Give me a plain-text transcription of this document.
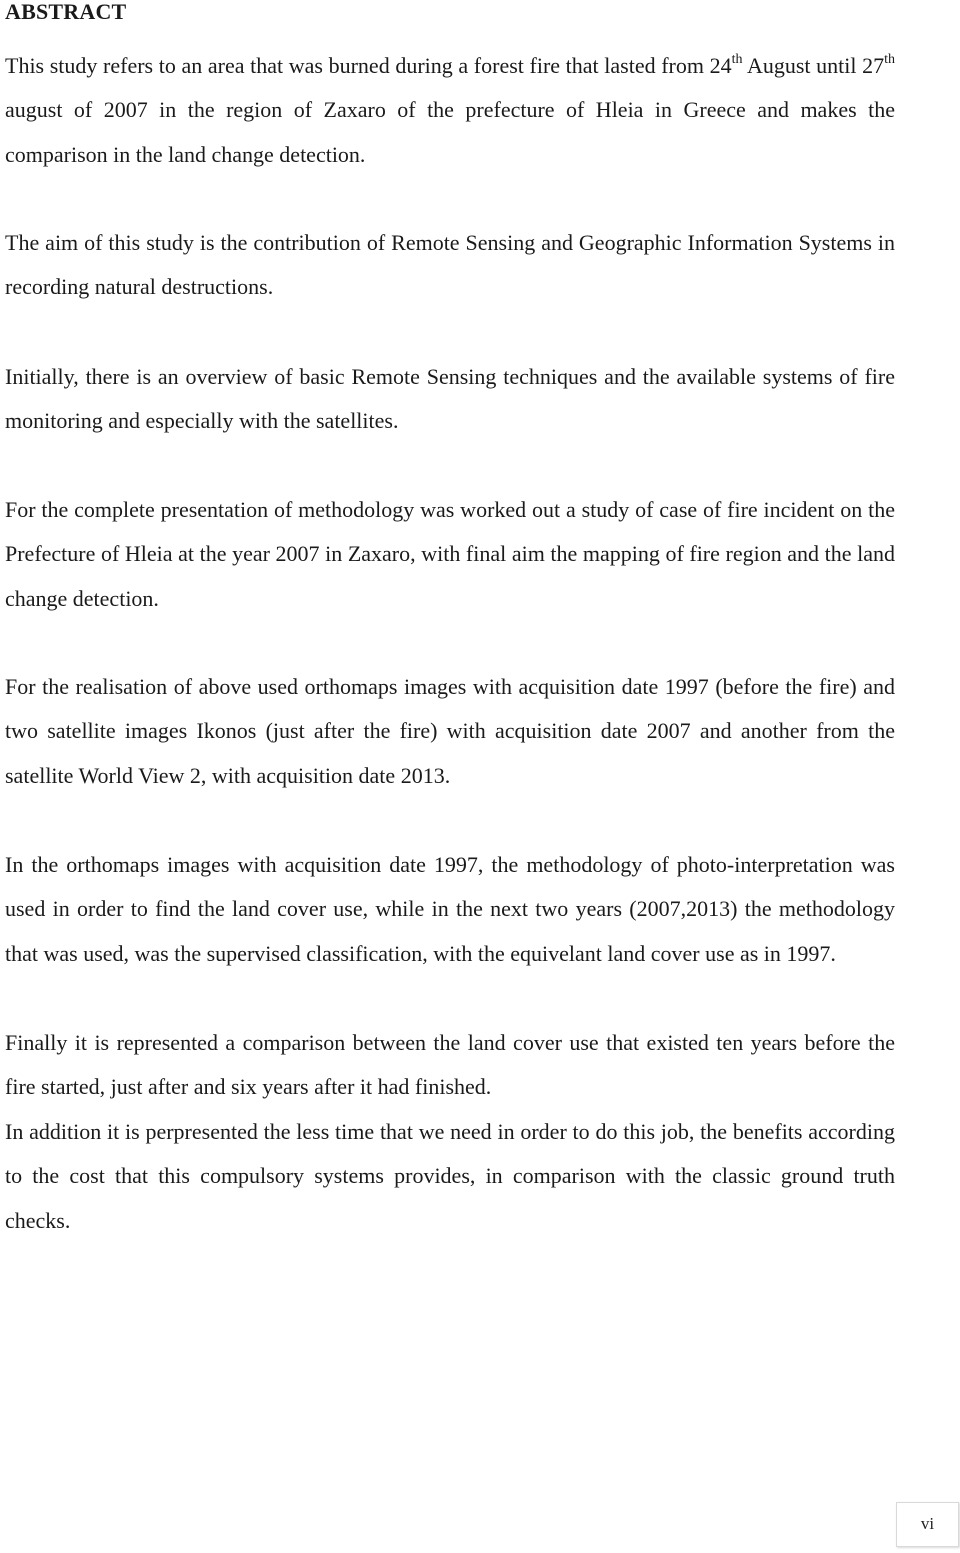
ABSTRACT

This study refers to an area that was burned during a forest fire that lasted from 24th August until 27th august of 2007 in the region of Zaxaro of the prefecture of Hleia in Greece and makes the comparison in the land change detection.

The aim of this study is the contribution of Remote Sensing and Geographic Information Systems in recording natural destructions.

Initially, there is an overview of basic Remote Sensing techniques and the available systems of fire monitoring and especially with the satellites.

For the complete presentation of methodology was worked out a study of case of fire incident on the Prefecture of Hleia at the year 2007 in Zaxaro, with final aim the mapping of fire region and the land change detection.

For the realisation of above used orthomaps images with acquisition date 1997 (before the fire) and two satellite images Ikonos (just after the fire) with acquisition date 2007 and another from the satellite World View 2, with acquisition date 2013.

In the orthomaps images with acquisition date 1997, the methodology of photo-interpretation was used in order to find the land cover use, while in the next two years (2007,2013) the methodology that was used, was the supervised classification, with the equivelant land cover use as in 1997.

Finally it is represented a comparison between the land cover use that existed ten years before the fire started, just after and six years after it had finished.

In addition it is perpresented the less time that we need in order to do this job, the benefits according to the cost that this compulsory systems provides, in comparison with the classic ground truth checks.

vi
